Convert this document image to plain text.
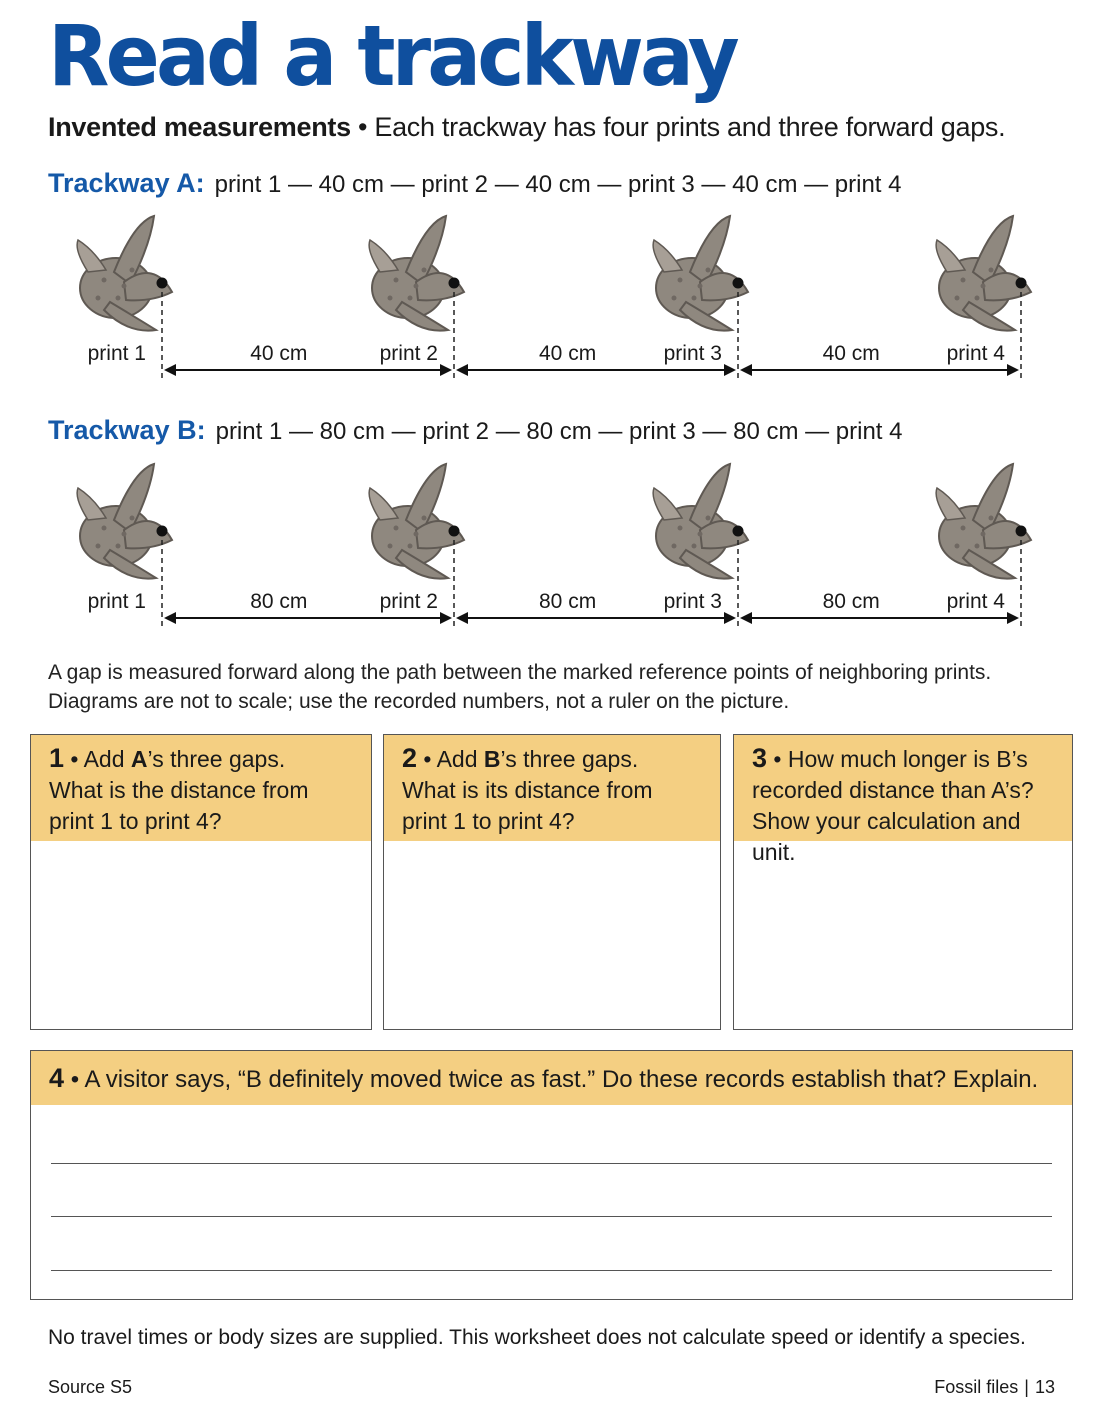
Read a trackway
Invented measurements • Each trackway has four prints and three forward gaps.
Trackway A: print 1 — 40 cm — print 2 — 40 cm — print 3 — 40 cm — print 4
print 1	print 2	print 3	print 4
40 cm	40 cm	40 cm
Trackway B: print 1 — 80 cm — print 2 — 80 cm — print 3 — 80 cm — print 4
print 1	print 2	print 3	print 4
80 cm	80 cm	80 cm
A gap is measured forward along the path between the marked reference points of neighboring prints.
Diagrams are not to scale; use the recorded numbers, not a ruler on the picture.
1 • Add A’s three gaps.
What is the distance from
print 1 to print 4?
2 • Add B’s three gaps.
What is its distance from
print 1 to print 4?
3 • How much longer is B’s
recorded distance than A’s?
Show your calculation and unit.
4 • A visitor says, “B definitely moved twice as fast.” Do these records establish that? Explain.
No travel times or body sizes are supplied. This worksheet does not calculate speed or identify a species.
Source S5	Fossil files | 13
